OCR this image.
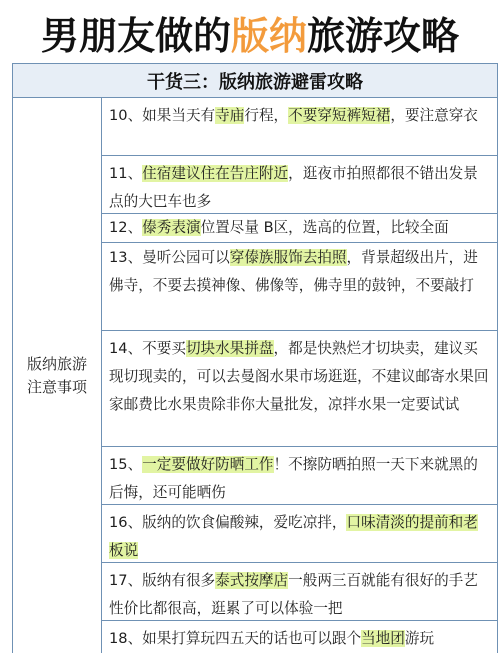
男朋友做的版纳旅游攻略
干货三：版纳旅游避雷攻略
版纳旅游注意事项
10、如果当天有寺庙行程，不要穿短裤短裙，要注意穿衣
11、住宿建议住在告庄附近，逛夜市拍照都很不错出发景点的大巴车也多
12、傣秀表演位置尽量 B区，选高的位置，比较全面
13、曼听公园可以穿傣族服饰去拍照，背景超级出片，进佛寺，不要去摸神像、佛像等，佛寺里的鼓钟，不要敲打
14、不要买切块水果拼盘，都是快熟烂才切块卖，建议买现切现卖的，可以去曼阁水果市场逛逛，不建议邮寄水果回家邮费比水果贵除非你大量批发，凉拌水果一定要试试
15、一定要做好防晒工作！不擦防晒拍照一天下来就黑的后悔，还可能晒伤
16、版纳的饮食偏酸辣，爱吃凉拌，口味清淡的提前和老板说
17、版纳有很多泰式按摩店一般两三百就能有很好的手艺性价比都很高，逛累了可以体验一把
18、如果打算玩四五天的话也可以跟个当地团游玩
